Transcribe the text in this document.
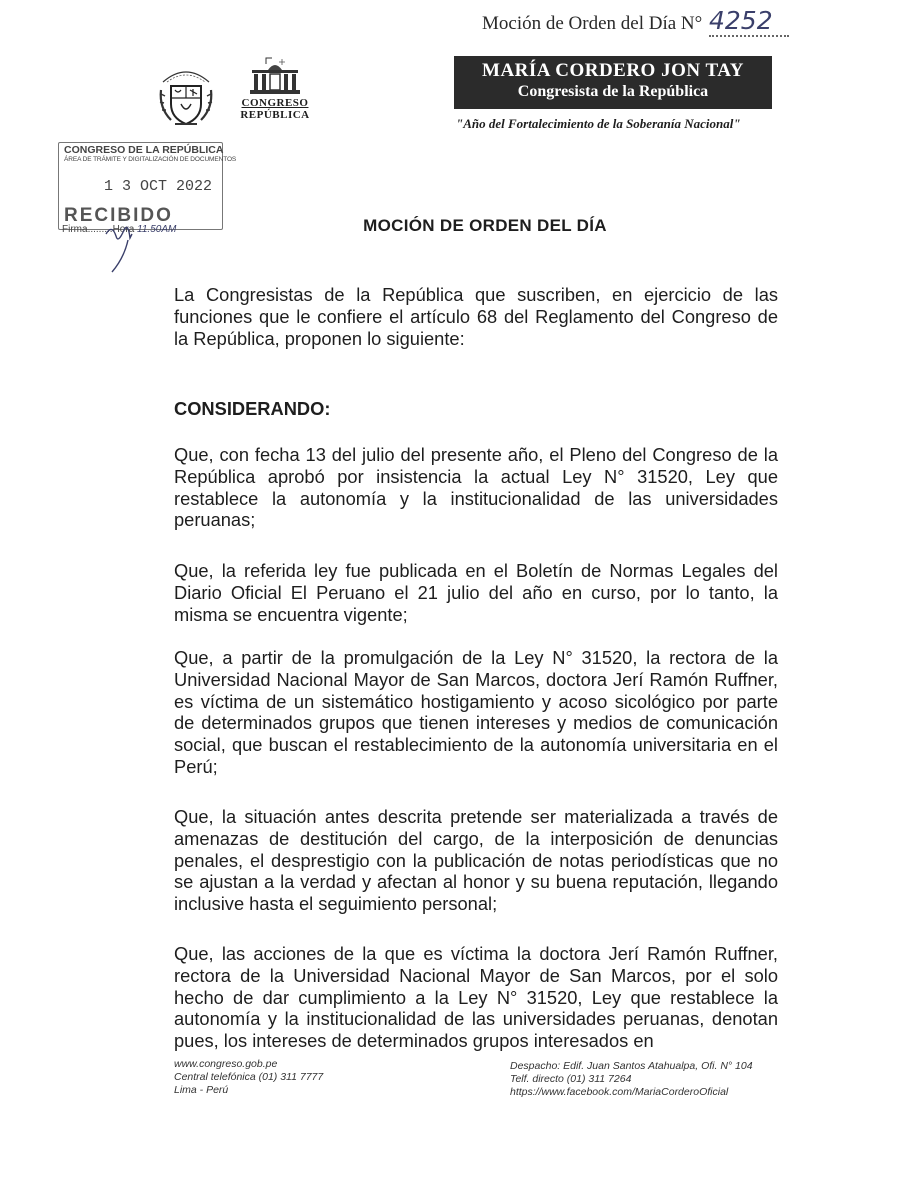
Moción de Orden del Día N° 4252
CONGRESO
REPÚBLICA
MARÍA CORDERO JON TAY
Congresista de la República
"Año del Fortalecimiento de la Soberanía Nacional"
CONGRESO DE LA REPÚBLICA
ÁREA DE TRÁMITE Y DIGITALIZACIÓN DE DOCUMENTOS
1 3 OCT 2022
RECIBIDO
Firma.........Hora 11.50AM	MOCIÓN DE ORDEN DEL DÍA
La Congresistas de la República que suscriben, en ejercicio de las funciones que le confiere el artículo 68 del Reglamento del Congreso de la República, proponen lo siguiente:
CONSIDERANDO:
Que, con fecha 13 del julio del presente año, el Pleno del Congreso de la República aprobó por insistencia la actual Ley N° 31520, Ley que restablece la autonomía y la institucionalidad de las universidades peruanas;
Que, la referida ley fue publicada en el Boletín de Normas Legales del Diario Oficial El Peruano el 21 julio del año en curso, por lo tanto, la misma se encuentra vigente;
Que, a partir de la promulgación de la Ley N° 31520, la rectora de la Universidad Nacional Mayor de San Marcos, doctora Jerí Ramón Ruffner, es víctima de un sistemático hostigamiento y acoso sicológico por parte de determinados grupos que tienen intereses y medios de comunicación social, que buscan el restablecimiento de la autonomía universitaria en el Perú;
Que, la situación antes descrita pretende ser materializada a través de amenazas de destitución del cargo, de la interposición de denuncias penales, el desprestigio con la publicación de notas periodísticas que no se ajustan a la verdad y afectan al honor y su buena reputación, llegando inclusive hasta el seguimiento personal;
Que, las acciones de la que es víctima la doctora Jerí Ramón Ruffner, rectora de la Universidad Nacional Mayor de San Marcos, por el solo hecho de dar cumplimiento a la Ley N° 31520, Ley que restablece la autonomía y la institucionalidad de las universidades peruanas, denotan pues, los intereses de determinados grupos interesados en
www.congreso.gob.pe
Central telefónica (01) 311 7777
Lima - Perú
Despacho: Edif. Juan Santos Atahualpa, Ofi. N° 104
Telf. directo (01) 311 7264
https://www.facebook.com/MariaCorderoOficial
